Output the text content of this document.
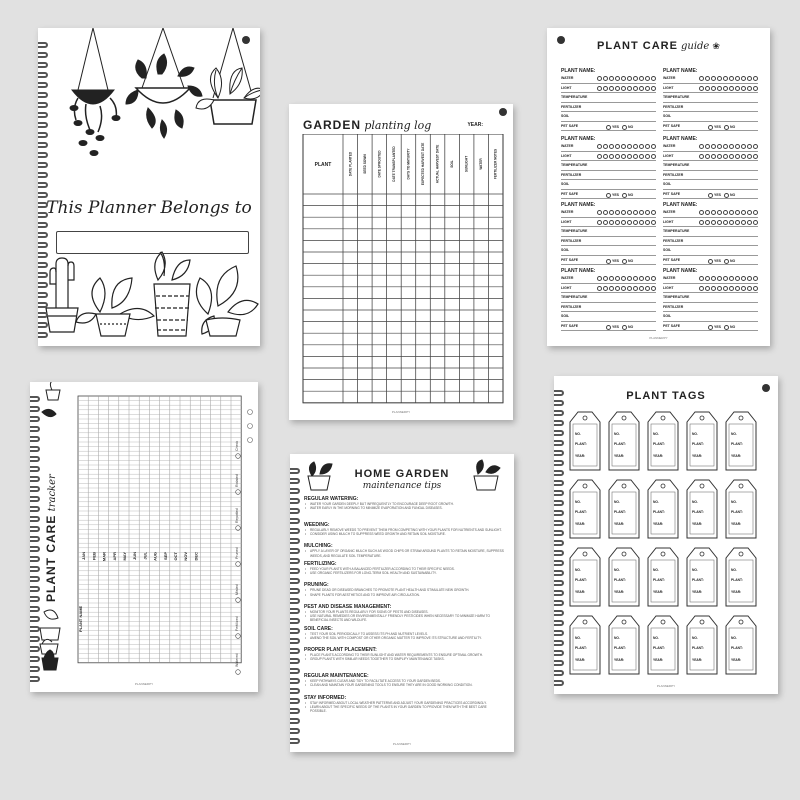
This Planner Belongs to
GARDEN planting log	YEAR:
PLANT	DATE PLANTED	SEED SOWN	DATE SPROUTED	DATE TRANSPLANTED	DAYS TO MATURITY	EXPECTED HARVEST DATE	ACTUAL HARVEST DATE	SOIL	SUNLIGHT	WATER	FERTILIZER NOTES
PLANNERPY
PLANT CARE guide ❀
PLANT NAME:
WATER
LIGHT
TEMPERATURE
FERTILIZER
SOIL
PET SAFE	YES	NO
PLANT NAME:
WATER
LIGHT
TEMPERATURE
FERTILIZER
SOIL
PET SAFE	YES	NO
PLANT NAME:
WATER
LIGHT
TEMPERATURE
FERTILIZER
SOIL
PET SAFE	YES	NO
PLANT NAME:
WATER
LIGHT
TEMPERATURE
FERTILIZER
SOIL
PET SAFE	YES	NO
PLANT NAME:
WATER
LIGHT
TEMPERATURE
FERTILIZER
SOIL
PET SAFE	YES	NO
PLANT NAME:
WATER
LIGHT
TEMPERATURE
FERTILIZER
SOIL
PET SAFE	YES	NO
PLANT NAME:
WATER
LIGHT
TEMPERATURE
FERTILIZER
SOIL
PET SAFE	YES	NO
PLANT NAME:
WATER
LIGHT
TEMPERATURE
FERTILIZER
SOIL
PET SAFE	YES	NO
PLANNERPY
PLANT CARE tracker
JAN FEB MAR APR MAY JUN JUL AUG SEP OCT NOV DEC
PLANT NAME
Watered
Fertilized
Misted
Pruned
Repotted
Rotated
Check
PLANNERPY
HOME GARDEN
maintenance tips
REGULAR WATERING:
• WATER YOUR GARDEN DEEPLY BUT INFREQUENTLY TO ENCOURAGE DEEP ROOT GROWTH.
• WATER EARLY IN THE MORNING TO MINIMIZE EVAPORATION AND FUNGAL DISEASES.
WEEDING:
• REGULARLY REMOVE WEEDS TO PREVENT THEM FROM COMPETING WITH YOUR PLANTS FOR NUTRIENTS AND SUNLIGHT.
• CONSIDER USING MULCH TO SUPPRESS WEED GROWTH AND RETAIN SOIL MOISTURE.
MULCHING:
• APPLY A LAYER OF ORGANIC MULCH SUCH AS WOOD CHIPS OR STRAW AROUND PLANTS TO RETAIN MOISTURE, SUPPRESS WEEDS, AND REGULATE SOIL TEMPERATURE.
FERTILIZING:
• FEED YOUR PLANTS WITH A BALANCED FERTILIZER ACCORDING TO THEIR SPECIFIC NEEDS.
• USE ORGANIC FERTILIZERS FOR LONG-TERM SOIL HEALTH AND SUSTAINABILITY.
PRUNING:
• PRUNE DEAD OR DISEASED BRANCHES TO PROMOTE PLANT HEALTH AND STIMULATE NEW GROWTH.
• SHAPE PLANTS FOR AESTHETICS AND TO IMPROVE AIR CIRCULATION.
PEST AND DISEASE MANAGEMENT:
• MONITOR YOUR PLANTS REGULARLY FOR SIGNS OF PESTS AND DISEASES.
• USE NATURAL REMEDIES OR ENVIRONMENTALLY FRIENDLY PESTICIDES WHEN NECESSARY TO MINIMIZE HARM TO BENEFICIAL INSECTS AND WILDLIFE.
SOIL CARE:
• TEST YOUR SOIL PERIODICALLY TO ASSESS ITS PH AND NUTRIENT LEVELS.
• AMEND THE SOIL WITH COMPOST OR OTHER ORGANIC MATTER TO IMPROVE ITS STRUCTURE AND FERTILITY.
PROPER PLANT PLACEMENT:
• PLACE PLANTS ACCORDING TO THEIR SUNLIGHT AND WATER REQUIREMENTS TO ENSURE OPTIMAL GROWTH.
• GROUP PLANTS WITH SIMILAR NEEDS TOGETHER TO SIMPLIFY MAINTENANCE TASKS.
REGULAR MAINTENANCE:
• KEEP PATHWAYS CLEAR AND TIDY TO FACILITATE ACCESS TO YOUR GARDEN BEDS.
• CLEAN AND MAINTAIN YOUR GARDENING TOOLS TO ENSURE THEY ARE IN GOOD WORKING CONDITION.
STAY INFORMED:
• STAY INFORMED ABOUT LOCAL WEATHER PATTERNS AND ADJUST YOUR GARDENING PRACTICES ACCORDINGLY.
• LEARN ABOUT THE SPECIFIC NEEDS OF THE PLANTS IN YOUR GARDEN TO PROVIDE THEM WITH THE BEST CARE POSSIBLE.
PLANNERPY
PLANT TAGS
NO.
PLANT:
YEAR:
NO.
PLANT:
YEAR:
NO.
PLANT:
YEAR:
NO.
PLANT:
YEAR:
NO.
PLANT:
YEAR:
NO.
PLANT:
YEAR:
NO.
PLANT:
YEAR:
NO.
PLANT:
YEAR:
NO.
PLANT:
YEAR:
NO.
PLANT:
YEAR:
NO.
PLANT:
YEAR:
NO.
PLANT:
YEAR:
NO.
PLANT:
YEAR:
NO.
PLANT:
YEAR:
NO.
PLANT:
YEAR:
NO.
PLANT:
YEAR:
NO.
PLANT:
YEAR:
NO.
PLANT:
YEAR:
NO.
PLANT:
YEAR:
NO.
PLANT:
YEAR:
PLANNERPY
